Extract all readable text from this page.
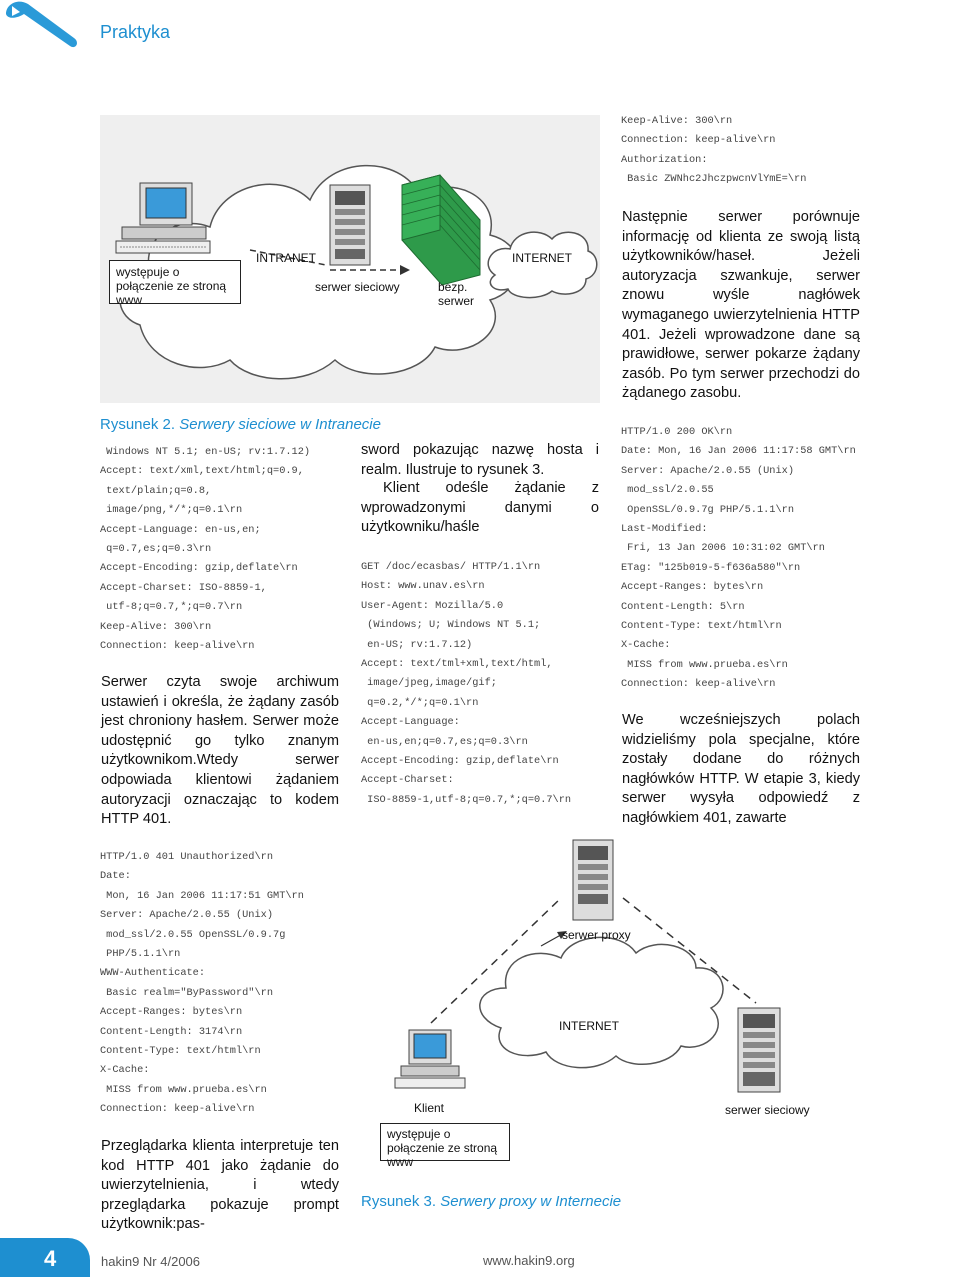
Praktyka
występuje o połączenie ze stroną www
INTRANET
serwer sieciowy	bezp. serwer
INTERNET
Rysunek 2. Serwery sieciowe w Intranecie
Windows NT 5.1; en-US; rv:1.7.12)
Accept: text/xml,text/html;q=0.9,
text/plain;q=0.8,
image/png,*/*;q=0.1\rn
Accept-Language: en-us,en;
q=0.7,es;q=0.3\rn
Accept-Encoding: gzip,deflate\rn
Accept-Charset: ISO-8859-1,
utf-8;q=0.7,*;q=0.7\rn
Keep-Alive: 300\rn
Connection: keep-alive\rn
Serwer czyta swoje archiwum ustawień i określa, że żądany zasób jest chroniony hasłem. Serwer może udostępnić go tylko znanym użytkownikom.Wtedy serwer odpowiada klientowi żądaniem autoryzacji oznaczając to kodem HTTP 401.
sword pokazując nazwę hosta i realm. Ilustruje to rysunek 3.
Klient odeśle żądanie z wprowadzonymi danymi o użytkowniku/haśle
GET /doc/ecasbas/ HTTP/1.1\rn
Host: www.unav.es\rn
User-Agent: Mozilla/5.0
(Windows; U; Windows NT 5.1;
en-US; rv:1.7.12)
Accept: text/tml+xml,text/html,
image/jpeg,image/gif;
q=0.2,*/*;q=0.1\rn
Accept-Language:
en-us,en;q=0.7,es;q=0.3\rn
Accept-Encoding: gzip,deflate\rn
Accept-Charset:
ISO-8859-1,utf-8;q=0.7,*;q=0.7\rn
Keep-Alive: 300\rn
Connection: keep-alive\rn
Authorization:
Basic ZWNhc2JhczpwcnVlYmE=\rn
Następnie serwer porównuje informację od klienta ze swoją listą użytkowników/haseł. Jeżeli autoryzacja szwankuje, serwer znowu wyśle nagłówek wymaganego uwierzytelnienia HTTP 401. Jeżeli wprowadzone dane są prawidłowe, serwer pokarze żądany zasób. Po tym serwer przechodzi do żądanego zasobu.
HTTP/1.0 200 OK\rn
Date: Mon, 16 Jan 2006 11:17:58 GMT\rn
Server: Apache/2.0.55 (Unix)
mod_ssl/2.0.55
OpenSSL/0.9.7g PHP/5.1.1\rn
Last-Modified:
Fri, 13 Jan 2006 10:31:02 GMT\rn
ETag: "125b019-5-f636a580"\rn
Accept-Ranges: bytes\rn
Content-Length: 5\rn
Content-Type: text/html\rn
X-Cache:
MISS from www.prueba.es\rn
Connection: keep-alive\rn
We wcześniejszych polach widzieliśmy pola specjalne, które zostały dodane do różnych nagłówków HTTP. W etapie 3, kiedy serwer wysyła odpowiedź z nagłówkiem 401, zawarte
HTTP/1.0 401 Unauthorized\rn
Date:
Mon, 16 Jan 2006 11:17:51 GMT\rn
Server: Apache/2.0.55 (Unix)
mod_ssl/2.0.55 OpenSSL/0.9.7g
PHP/5.1.1\rn
WWW-Authenticate:
Basic realm="ByPassword"\rn
Accept-Ranges: bytes\rn
Content-Length: 3174\rn
Content-Type: text/html\rn
X-Cache:
MISS from www.prueba.es\rn
Connection: keep-alive\rn
Przeglądarka klienta interpretuje ten kod HTTP 401 jako żądanie do uwierzytelnienia, i wtedy przeglądarka pokazuje prompt użytkownik:pas-
serwer proxy
INTERNET
Klient	serwer sieciowy
występuje o połączenie ze stroną www
Rysunek 3. Serwery proxy w Internecie
4	hakin9 Nr 4/2006	www.hakin9.org
